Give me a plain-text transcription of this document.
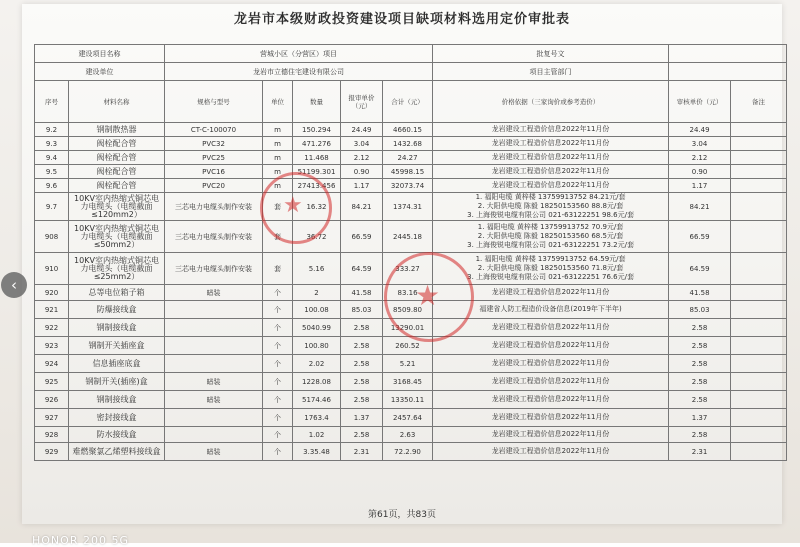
龙岩市本级财政投资建设项目缺项材料选用定价审批表
建设项目名称		营城小区（分营区）项目					批复号文		
建设单位		龙岩市立德住宅建设有限公司					项目主管部门		
序号	材料名称	规格与型号	单位	数量	报审单价（元）	合计（元）	价格依据（三家询价或参考造价）	审核单价（元）	备注
9.2	钢制散热器	CT-C-100070	m	150.294	24.49	4660.15	龙岩建设工程造价信息2022年11月份	24.49	
9.3	阀栓配合管	PVC32	m	471.276	3.04	1432.68	龙岩建设工程造价信息2022年11月份	3.04	
9.4	阀栓配合管	PVC25	m	11.468	2.12	24.27	龙岩建设工程造价信息2022年11月份	2.12	
9.5	阀栓配合管	PVC16	m	51199.301	0.90	45998.15	龙岩建设工程造价信息2022年11月份	0.90	
9.6	阀栓配合管	PVC20	m	27413.456	1.17	32073.74	龙岩建设工程造价信息2022年11月份	1.17	
9.7	10KV室内热缩式铜芯电力电缆头（电缆截面≤120mm2）	三芯电力电缆头制作安装	套	16.32	84.21	1374.31	1. 福阳电缆 黄梓楼 13759913752 84.21元/套
2. 大阳供电缆 陈毅 18250153560 88.8元/套
3. 上海俊锐电缆有限公司 021-63122251 98.6元/套	84.21	
908	10KV室内热缩式铜芯电力电缆头（电缆截面≤50mm2）	三芯电力电缆头制作安装	套	36.72	66.59	2445.18	1. 福阳电缆 黄梓楼 13759913752 70.9元/套
2. 大阳供电缆 陈毅 18250153560 68.5元/套
3. 上海俊锐电缆有限公司 021-63122251 73.2元/套	66.59	
910	10KV室内热缩式铜芯电力电缆头（电缆截面≤25mm2）	三芯电力电缆头制作安装	套	5.16	64.59	333.27	1. 福阳电缆 黄梓楼 13759913752 64.59元/套
2. 大阳供电缆 陈毅 18250153560 71.8元/套
3. 上海俊锐电缆有限公司 021-63122251 76.6元/套	64.59	
920	总等电位箱子箱	暗装	个	2	41.58	83.16	龙岩建设工程造价信息2022年11月份	41.58	
921	防爆接线盒		个	100.08	85.03	8509.80	福建省人防工程造价设备信息(2019年下半年)	85.03	
922	钢制接线盒		个	5040.99	2.58	13290.01	龙岩建设工程造价信息2022年11月份	2.58	
923	钢制开关插座盒		个	100.80	2.58	260.52	龙岩建设工程造价信息2022年11月份	2.58	
924	信息插座底盒		个	2.02	2.58	5.21	龙岩建设工程造价信息2022年11月份	2.58	
925	钢制开关(插座)盒	暗装	个	1228.08	2.58	3168.45	龙岩建设工程造价信息2022年11月份	2.58	
926	钢制接线盒	暗装	个	5174.46	2.58	13350.11	龙岩建设工程造价信息2022年11月份	2.58	
927	密封接线盒		个	1763.4	1.37	2457.64	龙岩建设工程造价信息2022年11月份	1.37	
928	防水接线盒		个	1.02	2.58	2.63	龙岩建设工程造价信息2022年11月份	2.58	
929	难燃聚氯乙烯塑料接线盒	暗装	个	3.35.48	2.31	72.2.90	龙岩建设工程造价信息2022年11月份	2.31	
★
★
第61页，共83页
‹
HONOR 200 5G
